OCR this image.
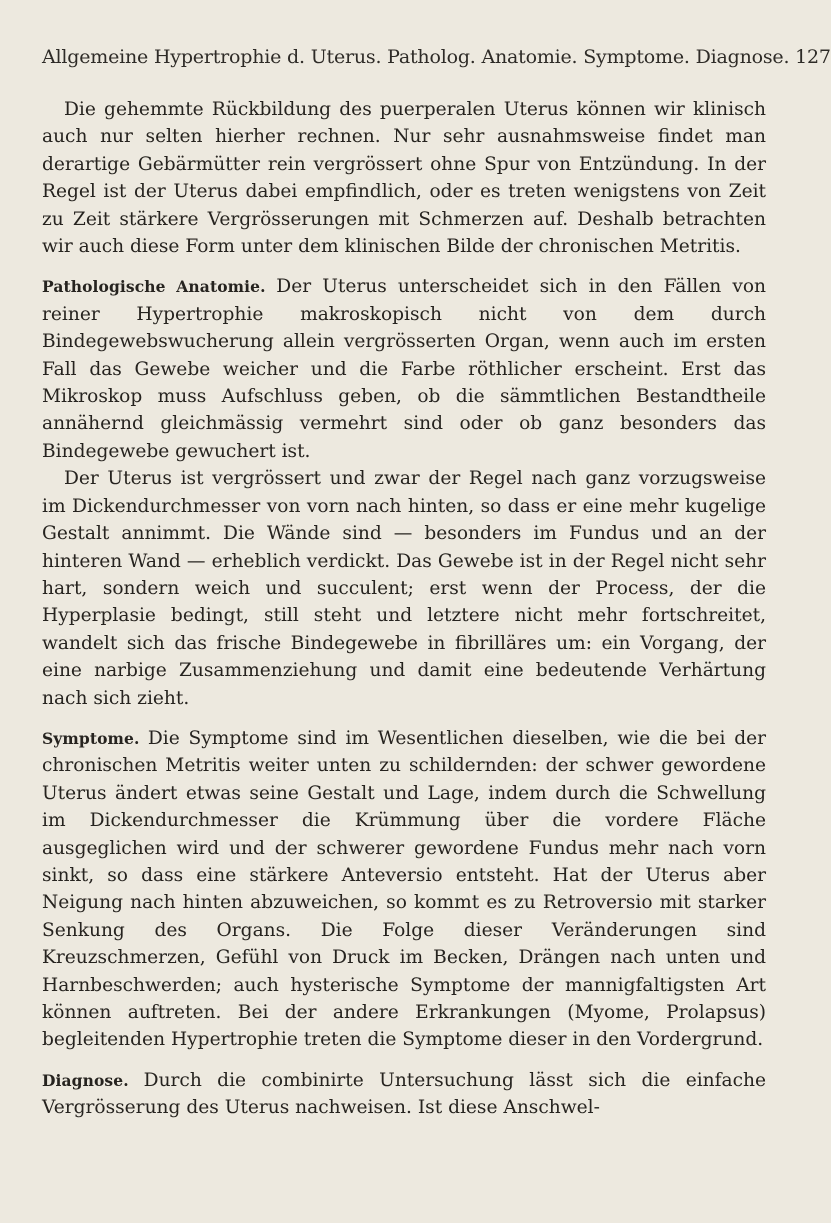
Allgemeine Hypertrophie d. Uterus. Patholog. Anatomie. Symptome. Diagnose. 127

Die gehemmte Rückbildung des puerperalen Uterus können wir klinisch auch nur selten hierher rechnen. Nur sehr ausnahmsweise findet man derartige Gebärmütter rein vergrössert ohne Spur von Entzündung. In der Regel ist der Uterus dabei empfindlich, oder es treten wenigstens von Zeit zu Zeit stärkere Vergrösserungen mit Schmerzen auf. Deshalb betrachten wir auch diese Form unter dem klinischen Bilde der chronischen Metritis.

Pathologische Anatomie. Der Uterus unterscheidet sich in den Fällen von reiner Hypertrophie makroskopisch nicht von dem durch Bindegewebswucherung allein vergrösserten Organ, wenn auch im ersten Fall das Gewebe weicher und die Farbe röthlicher erscheint. Erst das Mikroskop muss Aufschluss geben, ob die sämmtlichen Bestandtheile annähernd gleichmässig vermehrt sind oder ob ganz besonders das Bindegewebe gewuchert ist.

Der Uterus ist vergrössert und zwar der Regel nach ganz vorzugsweise im Dickendurchmesser von vorn nach hinten, so dass er eine mehr kugelige Gestalt annimmt. Die Wände sind — besonders im Fundus und an der hinteren Wand — erheblich verdickt. Das Gewebe ist in der Regel nicht sehr hart, sondern weich und succulent; erst wenn der Process, der die Hyperplasie bedingt, still steht und letztere nicht mehr fortschreitet, wandelt sich das frische Bindegewebe in fibrilläres um: ein Vorgang, der eine narbige Zusammenziehung und damit eine bedeutende Verhärtung nach sich zieht.

Symptome. Die Symptome sind im Wesentlichen dieselben, wie die bei der chronischen Metritis weiter unten zu schildernden: der schwer gewordene Uterus ändert etwas seine Gestalt und Lage, indem durch die Schwellung im Dickendurchmesser die Krümmung über die vordere Fläche ausgeglichen wird und der schwerer gewordene Fundus mehr nach vorn sinkt, so dass eine stärkere Anteversio entsteht. Hat der Uterus aber Neigung nach hinten abzuweichen, so kommt es zu Retroversio mit starker Senkung des Organs. Die Folge dieser Veränderungen sind Kreuzschmerzen, Gefühl von Druck im Becken, Drängen nach unten und Harnbeschwerden; auch hysterische Symptome der mannigfaltigsten Art können auftreten. Bei der andere Erkrankungen (Myome, Prolapsus) begleitenden Hypertrophie treten die Symptome dieser in den Vordergrund.

Diagnose. Durch die combinirte Untersuchung lässt sich die einfache Vergrösserung des Uterus nachweisen. Ist diese Anschwel-
